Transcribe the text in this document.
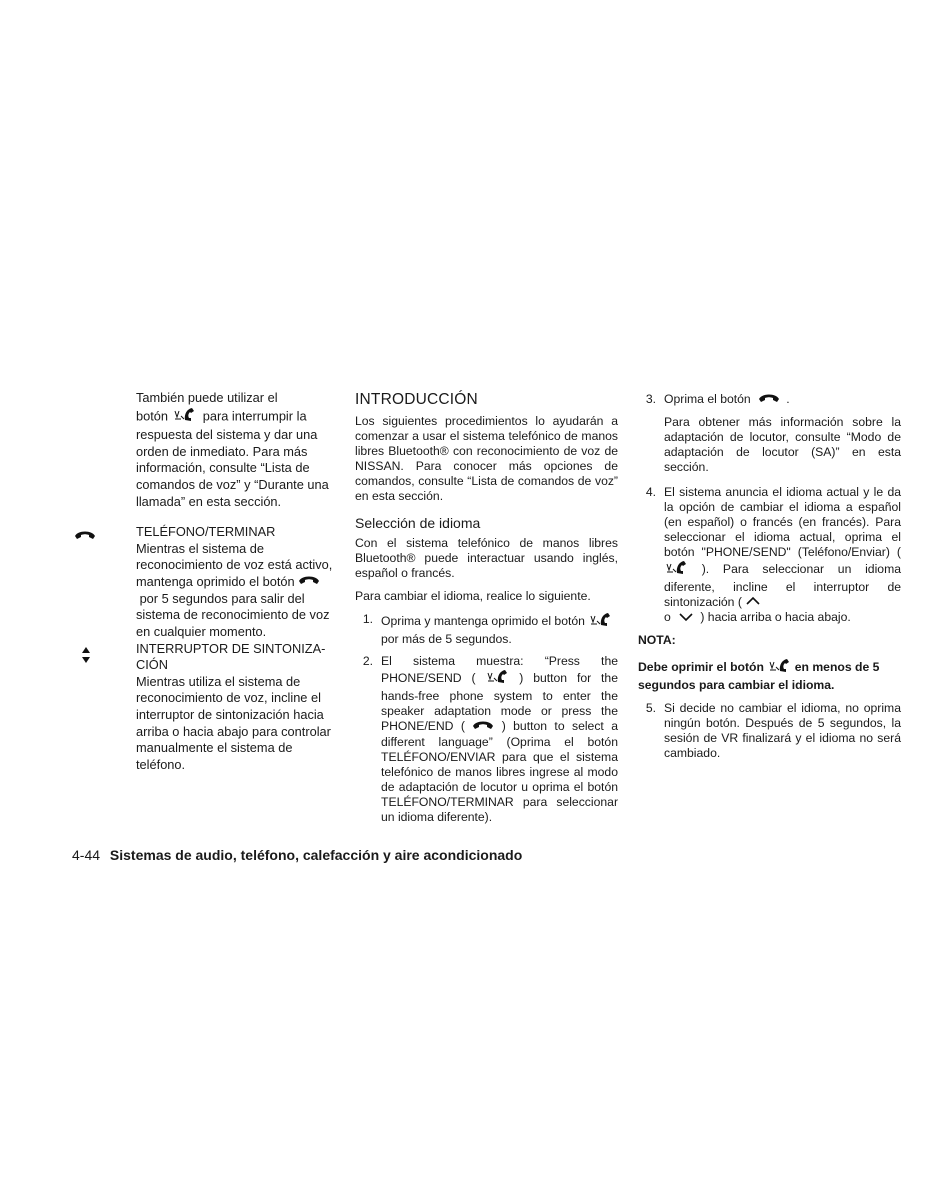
También puede utilizar el
botón	para interrumpir la respuesta del sistema y dar una orden de inmediato. Para más información, consulte “Lista de comandos de voz” y “Durante una llamada” en esta sección.

TELÉFONO/TERMINAR
Mientras el sistema de reconocimiento de voz está activo, mantenga oprimido el botón   por 5 segundos para salir del sistema de reconocimiento de voz en cualquier momento.

INTERRUPTOR DE SINTONIZA-
CIÓN
Mientras utiliza el sistema de reconocimiento de voz, incline el interruptor de sintonización hacia arriba o hacia abajo para controlar manualmente el sistema de teléfono.

INTRODUCCIÓN

Los siguientes procedimientos lo ayudarán a comenzar a usar el sistema telefónico de manos libres Bluetooth® con reconocimiento de voz de NISSAN. Para conocer más opciones de comandos, consulte “Lista de comandos de voz” en esta sección.

Selección de idioma

Con el sistema telefónico de manos libres Bluetooth® puede interactuar usando inglés, español o francés.

Para cambiar el idioma, realice lo siguiente.

1. Oprima y mantenga oprimido el botón
por más de 5 segundos.
2. El sistema muestra: “Press the PHONE/SEND (	) button for the hands-free phone system to enter the speaker adaptation mode or press the PHONE/END (	) button to select a different language” (Oprima el botón TELÉFONO/ENVIAR para que el sistema telefónico de manos libres ingrese al modo de adaptación de locutor u oprima el botón TELÉFONO/TERMINAR para seleccionar un idioma diferente).
3. Oprima el botón	.

Para obtener más información sobre la adaptación de locutor, consulte “Modo de adaptación de locutor (SA)” en esta sección.

4. El sistema anuncia el idioma actual y le da la opción de cambiar el idioma a español (en español) o francés (en francés). Para seleccionar el idioma actual, oprima el botón "PHONE/SEND" (Teléfono/Enviar) (  ). Para seleccionar un idioma diferente, incline el interruptor de sintonización (
o ) hacia arriba o hacia abajo.

NOTA:

Debe oprimir el botón	en menos de 5 segundos para cambiar el idioma.

5. Si decide no cambiar el idioma, no oprima ningún botón. Después de 5 segundos, la sesión de VR finalizará y el idioma no será cambiado.
4-44 Sistemas de audio, teléfono, calefacción y aire acondicionado
